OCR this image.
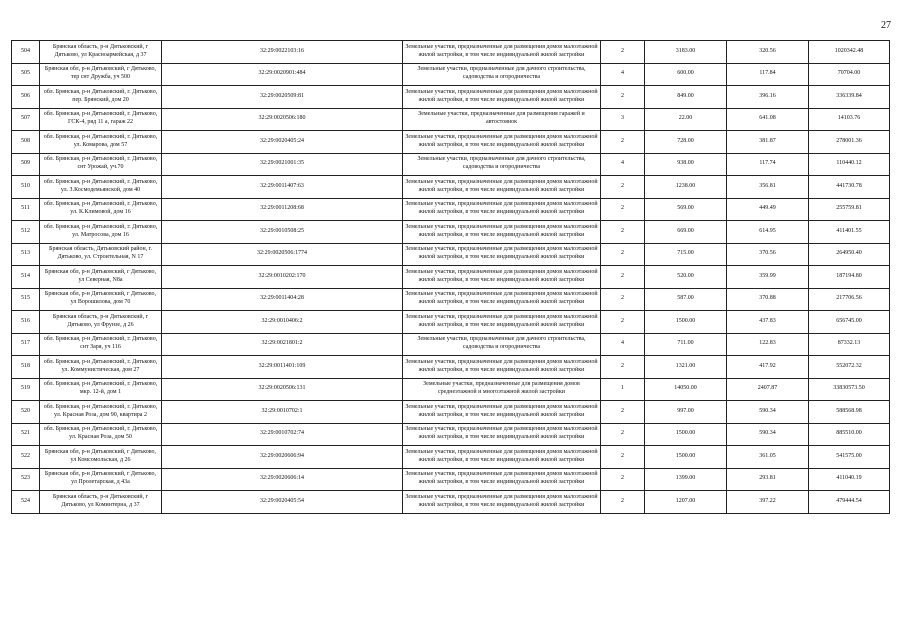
27
504	Брянская область, р-н Дятьковский, г Дятьково, ул Красноармейская, д 37	32:29:0022103:16	Земельные участки, предназначенные для размещения домов малоэтажной жилой застройки, в том числе индивидуальной жилой застройки	2	3183.00	320.56	1020342.48
505	Брянская обл, р-н Дятьковский, г Дятьково, тер снт Дружба, уч 500	32:29:0020901:484	Земельные участки, предназначенные для дачного строительства, садоводства и огородничества	4	600.00	117.84	70704.00
506	обл. Брянская, р-н Дятьковский, г. Дятьково, пер. Брянский, дом 20	32:29:0020509:81	Земельные участки, предназначенные для размещения домов малоэтажной жилой застройки, в том числе индивидуальной жилой застройки	2	849.00	396.16	336339.84
507	обл. Брянская, р-н Дятьковский, г. Дятьково, ГСК-4, ряд 11 а, гараж 22	32:29:0020506:180	Земельные участки, предназначенные для размещения гаражей и автостоянок	3	22.00	641.08	14103.76
508	обл. Брянская, р-н Дятьковский, г. Дятьково, ул. Комарова, дом 57	32:29:0020405:24	Земельные участки, предназначенные для размещения домов малоэтажной жилой застройки, в том числе индивидуальной жилой застройки	2	728.00	381.87	278001.36
509	обл. Брянская, р-н Дятьковский, г. Дятьково, снт Урожай, уч.70	32:29:0021001:35	Земельные участки, предназначенные для дачного строительства, садоводства и огородничества	4	938.00	117.74	110440.12
510	обл. Брянская, р-н Дятьковский, г. Дятьково, ул. З.Космодемьянской, дом 40	32:29:0011407:63	Земельные участки, предназначенные для размещения домов малоэтажной жилой застройки, в том числе индивидуальной жилой застройки	2	1238.00	356.81	441730.78
511	обл. Брянская, р-н Дятьковский, г. Дятьково, ул. К.Климовой, дом 16	32:29:0011208:68	Земельные участки, предназначенные для размещения домов малоэтажной жилой застройки, в том числе индивидуальной жилой застройки	2	569.00	449.49	255759.81
512	обл. Брянская, р-н Дятьковский, г. Дятьково, ул. Матросова, дом 16	32:29:0010508:25	Земельные участки, предназначенные для размещения домов малоэтажной жилой застройки, в том числе индивидуальной жилой застройки	2	669.00	614.95	411401.55
513	Брянская область, Дятьковский район, г. Дятьково, ул. Строительная, N 17	32:29:0020506:1774	Земельные участки, предназначенные для размещения домов малоэтажной жилой застройки, в том числе индивидуальной жилой застройки	2	715.00	370.56	264950.40
514	Брянская обл, р-н Дятьковский, г Дятьково, ул Северная, N8а	32:29:0010202:170	Земельные участки, предназначенные для размещения домов малоэтажной жилой застройки, в том числе индивидуальной жилой застройки	2	520.00	359.99	187194.80
515	Брянская обл, р-н Дятьковский, г Дятьково, ул Ворошилова, дом 70	32:29:0011404:28	Земельные участки, предназначенные для размещения домов малоэтажной жилой застройки, в том числе индивидуальной жилой застройки	2	587.00	370.88	217706.56
516	Брянская область, р-н Дятьковский, г Дятьково, ул Фрунзе, д 26	32:29:0010406:2	Земельные участки, предназначенные для размещения домов малоэтажной жилой застройки, в том числе индивидуальной жилой застройки	2	1500.00	437.83	656745.00
517	обл. Брянская, р-н Дятьковский, г. Дятьково, снт Заря, уч 116	32:29:0021801:2	Земельные участки, предназначенные для дачного строительства, садоводства и огородничества	4	711.00	122.83	87332.13
518	обл. Брянская, р-н Дятьковский, г. Дятьково, ул. Коммунистическая, дом 27	32:29:0011401:109	Земельные участки, предназначенные для размещения домов малоэтажной жилой застройки, в том числе индивидуальной жилой застройки	2	1321.00	417.92	552072.32
519	обл. Брянская, р-н Дятьковский, г. Дятьково, мкр. 12-й, дом 1	32:29:0020506:131	Земельные участки, предназначенные для размещения домов среднеэтажной и многоэтажной жилой застройки	1	14050.00	2407.87	33830573.50
520	обл. Брянская, р-н Дятьковский, г. Дятьково, ул. Красная Роза, дом 90, квартира 2	32:29:0010702:1	Земельные участки, предназначенные для размещения домов малоэтажной жилой застройки, в том числе индивидуальной жилой застройки	2	997.00	590.34	588568.98
521	обл. Брянская, р-н Дятьковский, г. Дятьково, ул. Красная Роза, дом 50	32:29:0010702:74	Земельные участки, предназначенные для размещения домов малоэтажной жилой застройки, в том числе индивидуальной жилой застройки	2	1500.00	590.34	885510.00
522	Брянская обл, р-н Дятьковский, г Дятьково, ул Комсомольская, д 26	32:29:0020606:94	Земельные участки, предназначенные для размещения домов малоэтажной жилой застройки, в том числе индивидуальной жилой застройки	2	1500.00	361.05	541575.00
523	Брянская обл, р-н Дятьковский, г Дятьково, ул Пролетарская, д 43а	32:29:0020606:14	Земельные участки, предназначенные для размещения домов малоэтажной жилой застройки, в том числе индивидуальной жилой застройки	2	1399.00	293.81	411040.19
524	Брянская область, р-н Дятьковский, г Дятьково, ул Коминтерна, д 37	32:29:0020405:54	Земельные участки, предназначенные для размещения домов малоэтажной жилой застройки, в том числе индивидуальной жилой застройки	2	1207.00	397.22	479444.54
